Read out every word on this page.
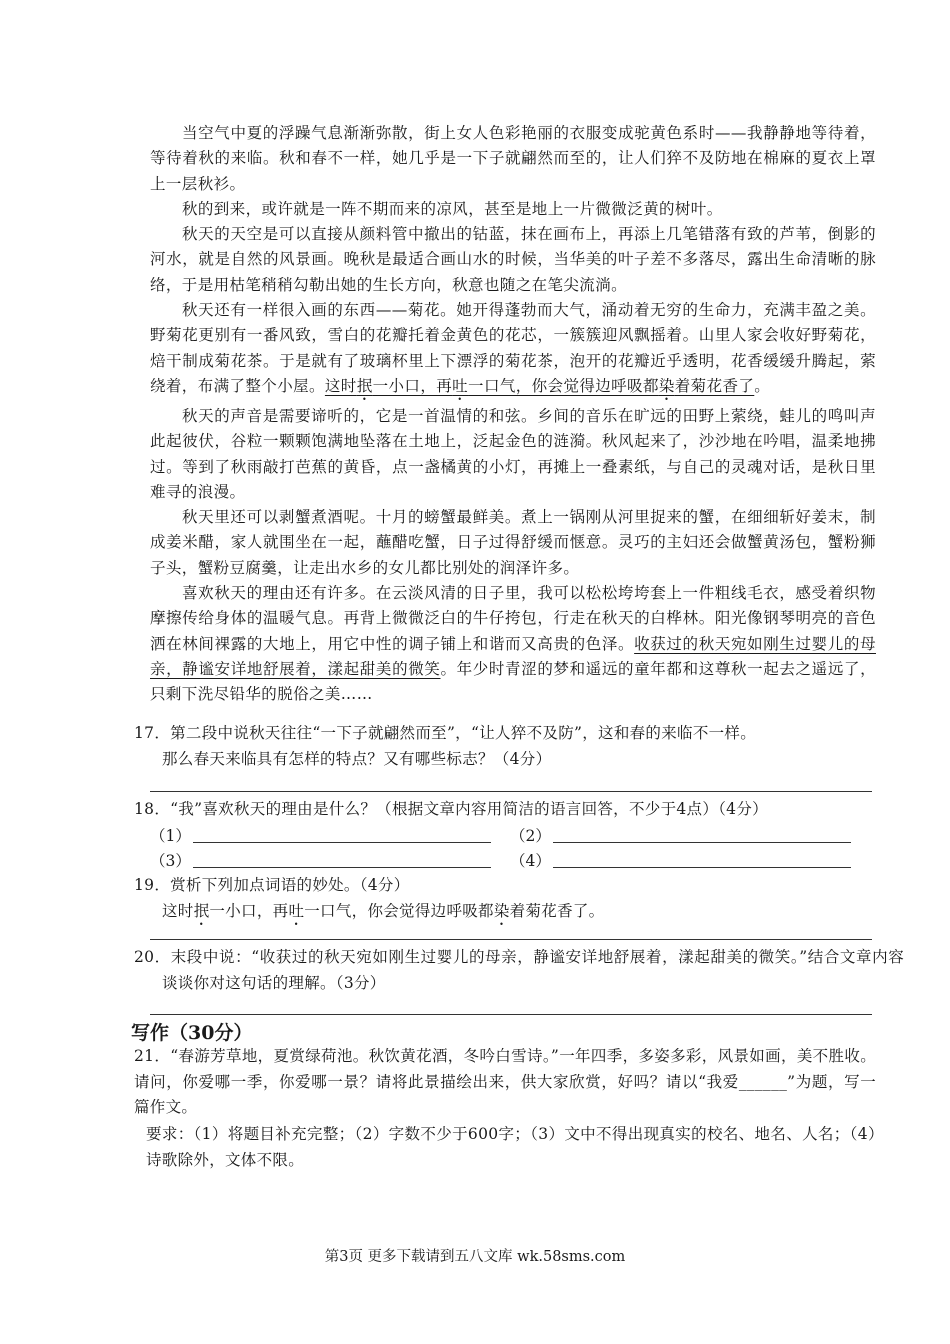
当空气中夏的浮躁气息渐渐弥散，街上女人色彩艳丽的衣服变成驼黄色系时——我静静地等待着，等待着秋的来临。秋和春不一样，她几乎是一下子就翩然而至的，让人们猝不及防地在棉麻的夏衣上罩上一层秋衫。

秋的到来，或许就是一阵不期而来的凉风，甚至是地上一片微微泛黄的树叶。

秋天的天空是可以直接从颜料管中撤出的钴蓝，抹在画布上，再添上几笔错落有致的芦苇，倒影的河水，就是自然的风景画。晚秋是最适合画山水的时候，当华美的叶子差不多落尽，露出生命清晰的脉络，于是用枯笔稍稍勾勒出她的生长方向，秋意也随之在笔尖流淌。

秋天还有一样很入画的东西——菊花。她开得蓬勃而大气，涌动着无穷的生命力，充满丰盈之美。野菊花更别有一番风致，雪白的花瓣托着金黄色的花芯，一簇簇迎风飘摇着。山里人家会收好野菊花，焙干制成菊花茶。于是就有了玻璃杯里上下漂浮的菊花茶，泡开的花瓣近乎透明，花香缓缓升腾起，萦绕着，布满了整个小屋。这时抿一小口，再吐一口气，你会觉得边呼吸都染着菊花香了。

秋天的声音是需要谛听的，它是一首温情的和弦。乡间的音乐在旷远的田野上萦绕，蛙儿的鸣叫声此起彼伏，谷粒一颗颗饱满地坠落在土地上，泛起金色的涟漪。秋风起来了，沙沙地在吟唱，温柔地拂过。等到了秋雨敲打芭蕉的黄昏，点一盏橘黄的小灯，再摊上一叠素纸，与自己的灵魂对话，是秋日里难寻的浪漫。

秋天里还可以剥蟹煮酒呢。十月的螃蟹最鲜美。煮上一锅刚从河里捉来的蟹，在细细斩好姜末，制成姜米醋，家人就围坐在一起，蘸醋吃蟹，日子过得舒缓而惬意。灵巧的主妇还会做蟹黄汤包，蟹粉狮子头，蟹粉豆腐羹，让走出水乡的女儿都比别处的润泽许多。

喜欢秋天的理由还有许多。在云淡风清的日子里，我可以松松垮垮套上一件粗线毛衣，感受着织物摩擦传给身体的温暖气息。再背上微微泛白的牛仔挎包，行走在秋天的白桦林。阳光像钢琴明亮的音色洒在林间裸露的大地上，用它中性的调子铺上和谐而又高贵的色泽。收获过的秋天宛如刚生过婴儿的母亲，静谧安详地舒展着，漾起甜美的微笑。年少时青涩的梦和遥远的童年都和这尊秋一起去之遥远了，只剩下洗尽铅华的脱俗之美……

17．第二段中说秋天往往“一下子就翩然而至”，“让人猝不及防”，这和春的来临不一样。
那么春天来临具有怎样的特点？又有哪些标志？（4分）
18．“我”喜欢秋天的理由是什么？（根据文章内容用简洁的语言回答，不少于4点）（4分）
（1）	（2）
（3）	（4）
19．赏析下列加点词语的妙处。（4分）
这时抿一小口，再吐一口气，你会觉得边呼吸都染着菊花香了。
20．末段中说：“收获过的秋天宛如刚生过婴儿的母亲，静谧安详地舒展着，漾起甜美的微笑。”结合文章内容谈谈你对这句话的理解。（3分）
写作（30分）
21．“春游芳草地，夏赏绿荷池。秋饮黄花酒，冬吟白雪诗。”一年四季，多姿多彩，风景如画，美不胜收。请问，你爱哪一季，你爱哪一景？请将此景描绘出来，供大家欣赏，好吗？请以“我爱______”为题，写一篇作文。
要求：（1）将题目补充完整；（2）字数不少于600字；（3）文中不得出现真实的校名、地名、人名；（4）诗歌除外，文体不限。
第3页 更多下载请到五八文库 wk.58sms.com
